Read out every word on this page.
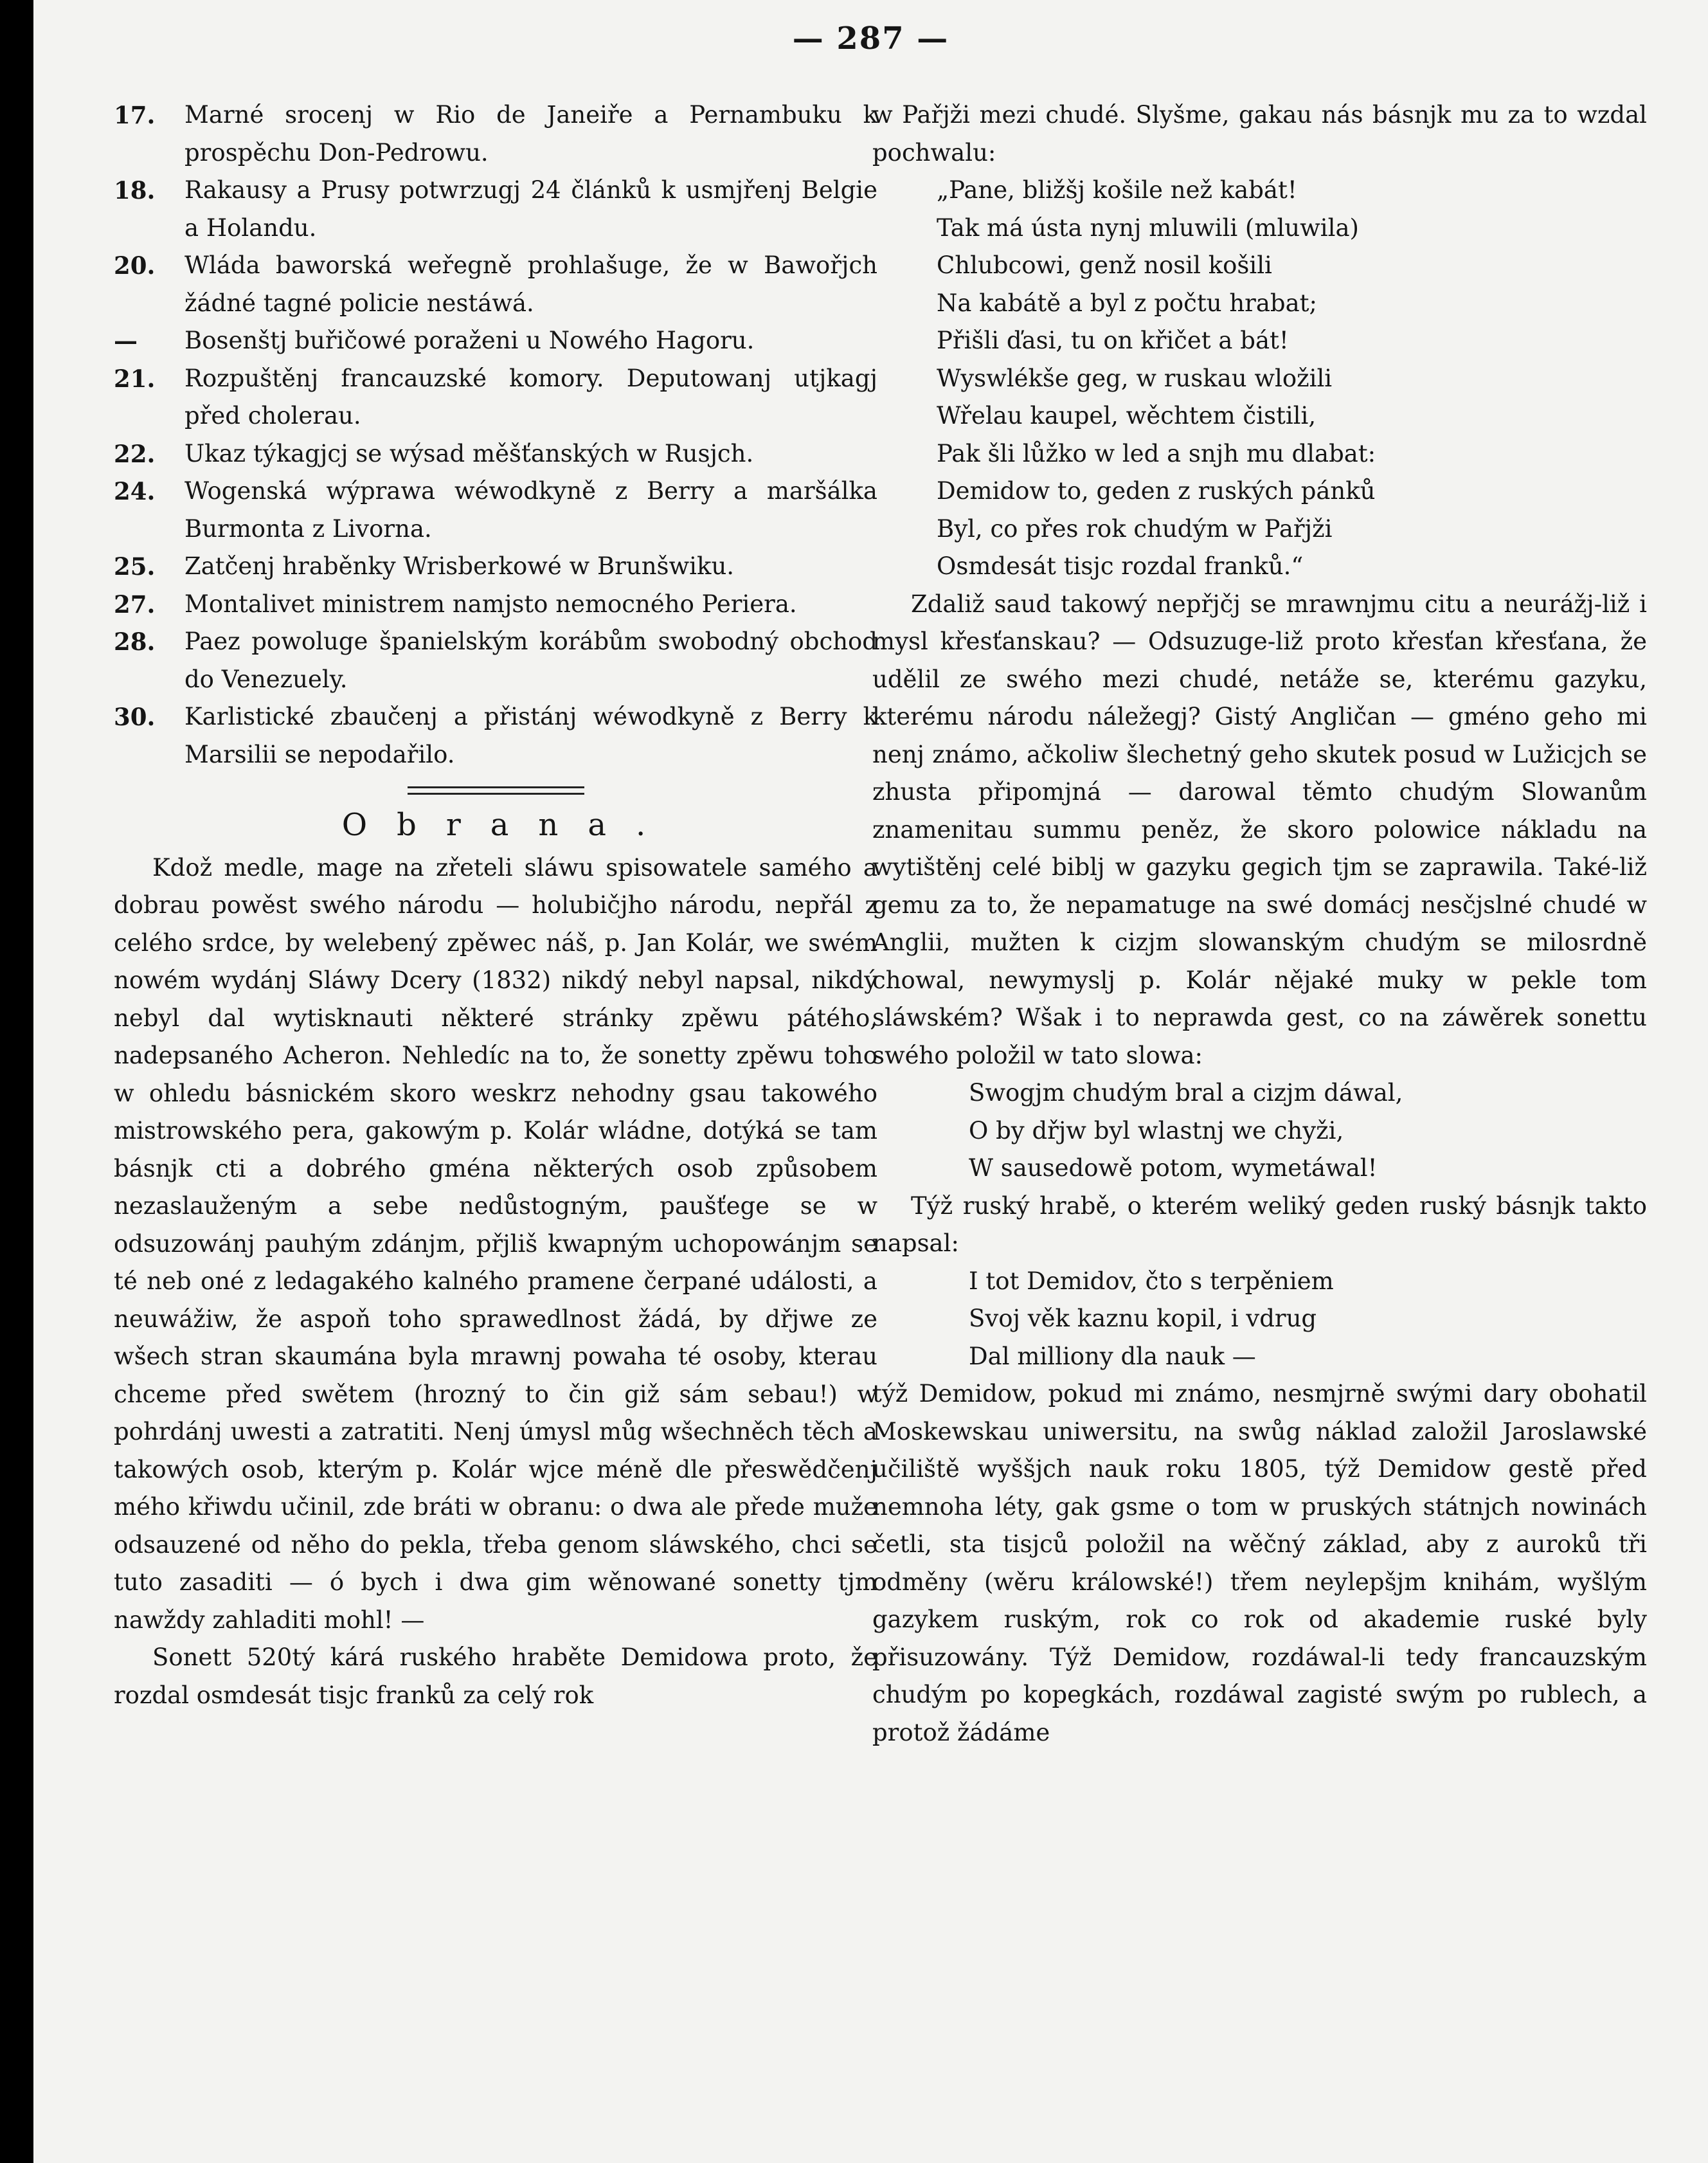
— 287 —
17. Marné srocenj w Rio de Janeiře a Pernambuku k prospěchu Don-Pedrowu.
18. Rakausy a Prusy potwrzugj 24 článků k usmjřenj Belgie a Holandu.
20. Wláda baworská weřegně prohlašuge, že w Bawořjch žádné tagné policie nestáwá.
— Bosenštj buřičowé poraženi u Nowého Hagoru.
21. Rozpuštěnj francauzské komory. Deputowanj utjkagj před cholerau.
22. Ukaz týkagjcj se wýsad měšťanských w Rusjch.
24. Wogenská wýprawa wéwodkyně z Berry a maršálka Burmonta z Livorna.
25. Zatčenj hraběnky Wrisberkowé w Brunšwiku.
27. Montalivet ministrem namjsto nemocného Periera.
28. Paez powoluge španielským korábům swobodný obchod do Venezuely.
30. Karlistické zbaučenj a přistánj wéwodkyně z Berry k Marsilii se nepodařilo.
Obrana.
Kdož medle, mage na zřeteli sláwu spisowatele samého a dobrau powěst swého národu — holubičjho národu, nepřál z celého srdce, by welebený zpěwec náš, p. Jan Kolár, we swém nowém wydánj Sláwy Dcery (1832) nikdý nebyl napsal, nikdý nebyl dal wytisknauti některé stránky zpěwu pátého, nadepsaného Acheron. Nehledíc na to, že sonetty zpěwu toho w ohledu básnickém skoro weskrz nehodny gsau takowého mistrowského pera, gakowým p. Kolár wládne, dotýká se tam básnjk cti a dobrého gména některých osob způsobem nezaslauženým a sebe nedůstogným, paušťege se w odsuzowánj pauhým zdánjm, přjliš kwapným uchopowánjm se té neb oné z ledagakého kalného pramene čerpané události, a neuwážiw, že aspoň toho sprawedlnost žádá, by dřjwe ze wšech stran skaumána byla mrawnj powaha té osoby, kterau chceme před swětem (hrozný to čin giž sám sebau!) w pohrdánj uwesti a zatratiti. Nenj úmysl můg wšechněch těch a takowých osob, kterým p. Kolár wjce méně dle přeswědčenj mého křiwdu učinil, zde bráti w obranu: o dwa ale přede muže odsauzené od něho do pekla, třeba genom sláwského, chci se tuto zasaditi — ó bych i dwa gim wěnowané sonetty tjm nawždy zahladiti mohl! —
Sonett 520tý kárá ruského hraběte Demidowa proto, že rozdal osmdesát tisjc franků za celý rok
w Pařjži mezi chudé. Slyšme, gakau nás básnjk mu za to wzdal pochwalu:
„Pane, bližšj košile než kabát!
Tak má ústa nynj mluwili (mluwila)
Chlubcowi, genž nosil košili
Na kabátě a byl z počtu hrabat;
Přišli ďasi, tu on křičet a bát!
Wyswlékše geg, w ruskau wložili
Wřelau kaupel, wěchtem čistili,
Pak šli lůžko w led a snjh mu dlabat:
Demidow to, geden z ruských pánků
Byl, co přes rok chudým w Pařjži
Osmdesát tisjc rozdal franků.“
Zdaliž saud takowý nepřjčj se mrawnjmu citu a neurážj-liž i mysl křesťanskau? — Odsuzuge-liž proto křesťan křesťana, že udělil ze swého mezi chudé, netáže se, kterému gazyku, kterému národu náležegj? Gistý Angličan — gméno geho mi nenj známo, ačkoliw šlechetný geho skutek posud w Lužicjch se zhusta připomjná — darowal těmto chudým Slowanům znamenitau summu peněz, že skoro polowice nákladu na wytištěnj celé biblj w gazyku gegich tjm se zaprawila. Také-liž gemu za to, že nepamatuge na swé domácj nesčjslné chudé w Anglii, mužten k cizjm slowanským chudým se milosrdně chowal, newymyslj p. Kolár nějaké muky w pekle tom sláwském? Wšak i to neprawda gest, co na záwěrek sonettu swého položil w tato slowa:
Swogjm chudým bral a cizjm dáwal,
O by dřjw byl wlastnj we chyži,
W sausedowě potom, wymetáwal!
Týž ruský hrabě, o kterém weliký geden ruský básnjk takto napsal:
I tot Demidov, čto s terpěniem
Svoj věk kaznu kopil, i vdrug
Dal milliony dla nauk —
týž Demidow, pokud mi známo, nesmjrně swými dary obohatil Moskewskau uniwersitu, na swůg náklad založil Jaroslawské učiliště wyššjch nauk roku 1805, týž Demidow gestě před nemnoha léty, gak gsme o tom w pruských státnjch nowinách četli, sta tisjců položil na wěčný základ, aby z auroků tři odměny (wěru králowské!) třem neylepšjm knihám, wyšlým gazykem ruským, rok co rok od akademie ruské byly přisuzowány. Týž Demidow, rozdáwal-li tedy francauzským chudým po kopegkách, rozdáwal zagisté swým po rublech, a protož žádáme
